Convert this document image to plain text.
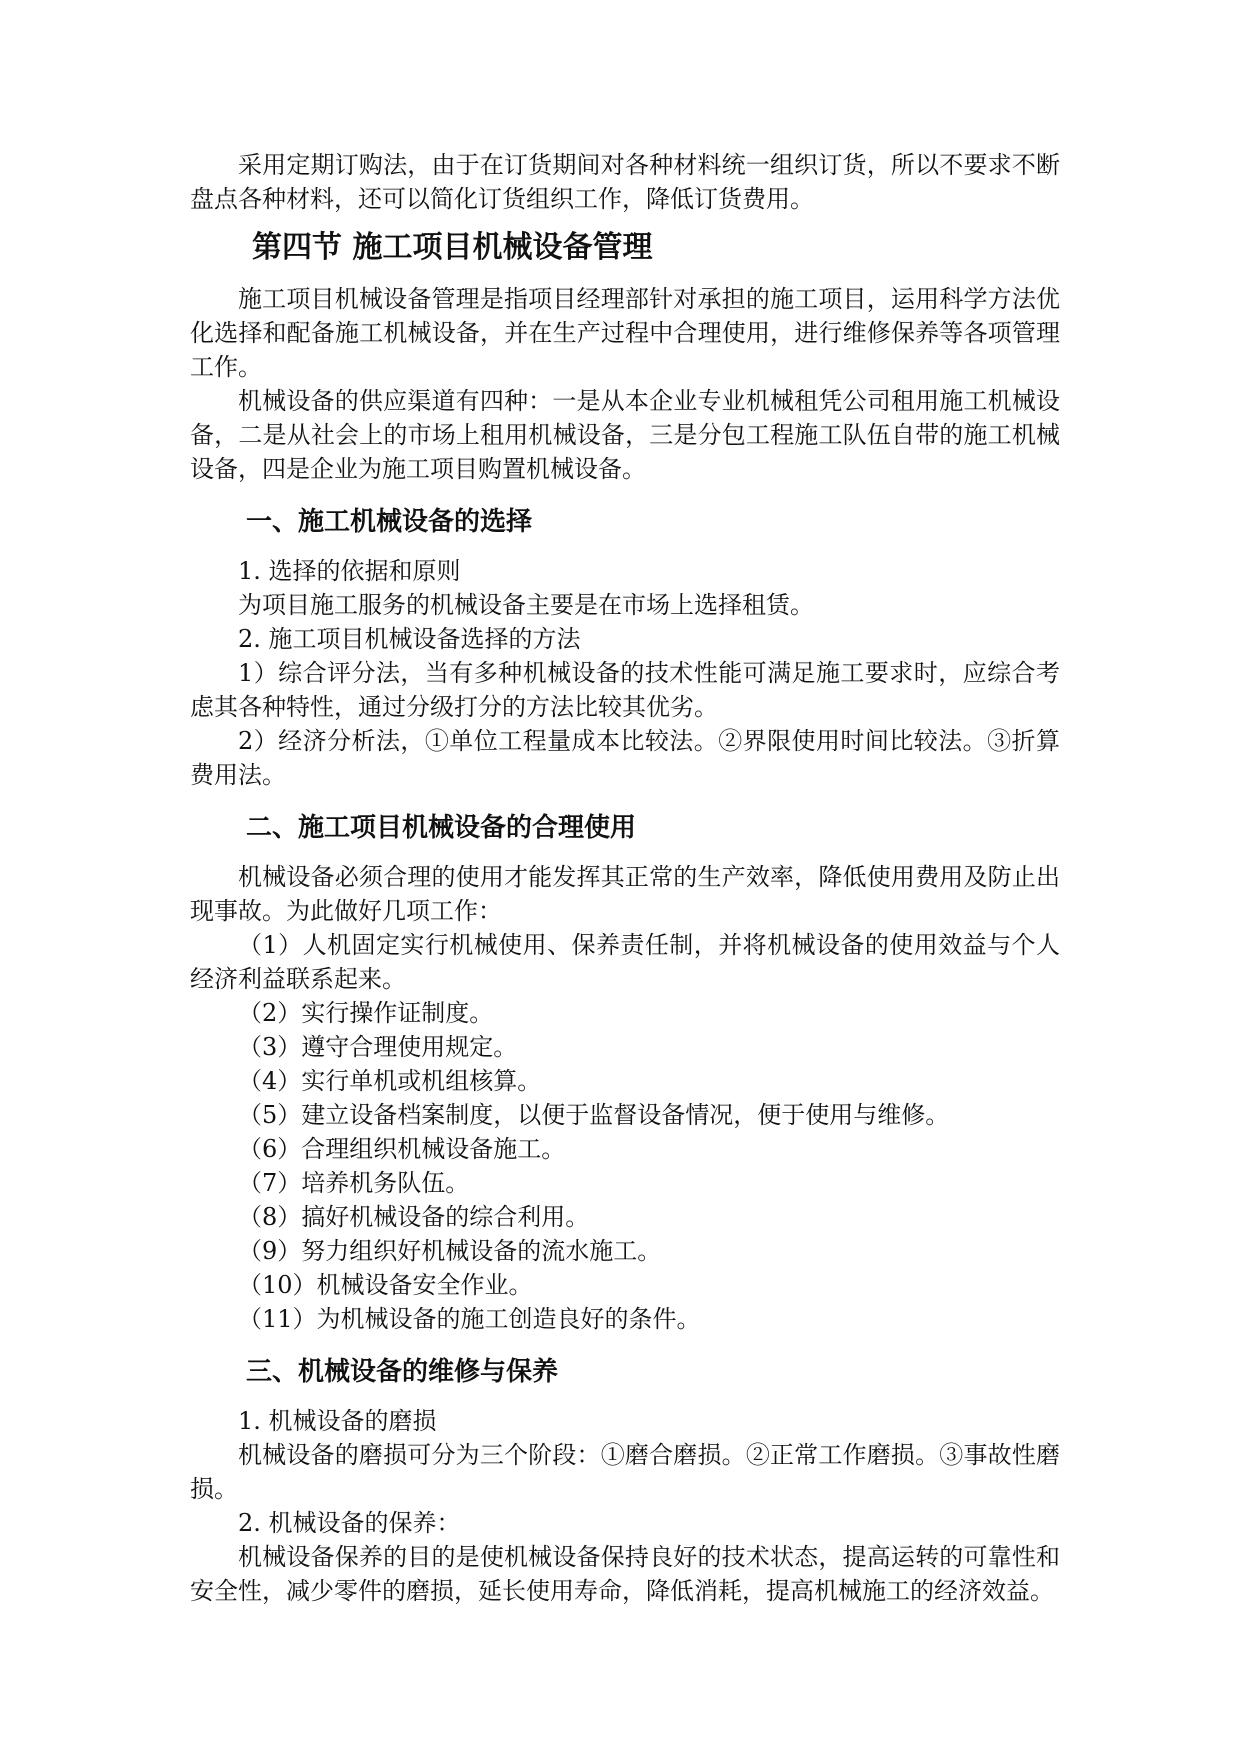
采用定期订购法，由于在订货期间对各种材料统一组织订货，所以不要求不断盘点各种材料，还可以简化订货组织工作，降低订货费用。

第四节 施工项目机械设备管理

施工项目机械设备管理是指项目经理部针对承担的施工项目，运用科学方法优化选择和配备施工机械设备，并在生产过程中合理使用，进行维修保养等各项管理工作。

机械设备的供应渠道有四种：一是从本企业专业机械租凭公司租用施工机械设备，二是从社会上的市场上租用机械设备，三是分包工程施工队伍自带的施工机械设备，四是企业为施工项目购置机械设备。

一、施工机械设备的选择

1. 选择的依据和原则

为项目施工服务的机械设备主要是在市场上选择租赁。

2. 施工项目机械设备选择的方法

1）综合评分法，当有多种机械设备的技术性能可满足施工要求时，应综合考虑其各种特性，通过分级打分的方法比较其优劣。

2）经济分析法，①单位工程量成本比较法。②界限使用时间比较法。③折算费用法。

二、施工项目机械设备的合理使用

机械设备必须合理的使用才能发挥其正常的生产效率，降低使用费用及防止出现事故。为此做好几项工作：

（1）人机固定实行机械使用、保养责任制，并将机械设备的使用效益与个人经济利益联系起来。

（2）实行操作证制度。

（3）遵守合理使用规定。

（4）实行单机或机组核算。

（5）建立设备档案制度，以便于监督设备情况，便于使用与维修。

（6）合理组织机械设备施工。

（7）培养机务队伍。

（8）搞好机械设备的综合利用。

（9）努力组织好机械设备的流水施工。

（10）机械设备安全作业。

（11）为机械设备的施工创造良好的条件。

三、机械设备的维修与保养

1. 机械设备的磨损

机械设备的磨损可分为三个阶段：①磨合磨损。②正常工作磨损。③事故性磨损。

2. 机械设备的保养：

机械设备保养的目的是使机械设备保持良好的技术状态，提高运转的可靠性和安全性，减少零件的磨损，延长使用寿命，降低消耗，提高机械施工的经济效益。
